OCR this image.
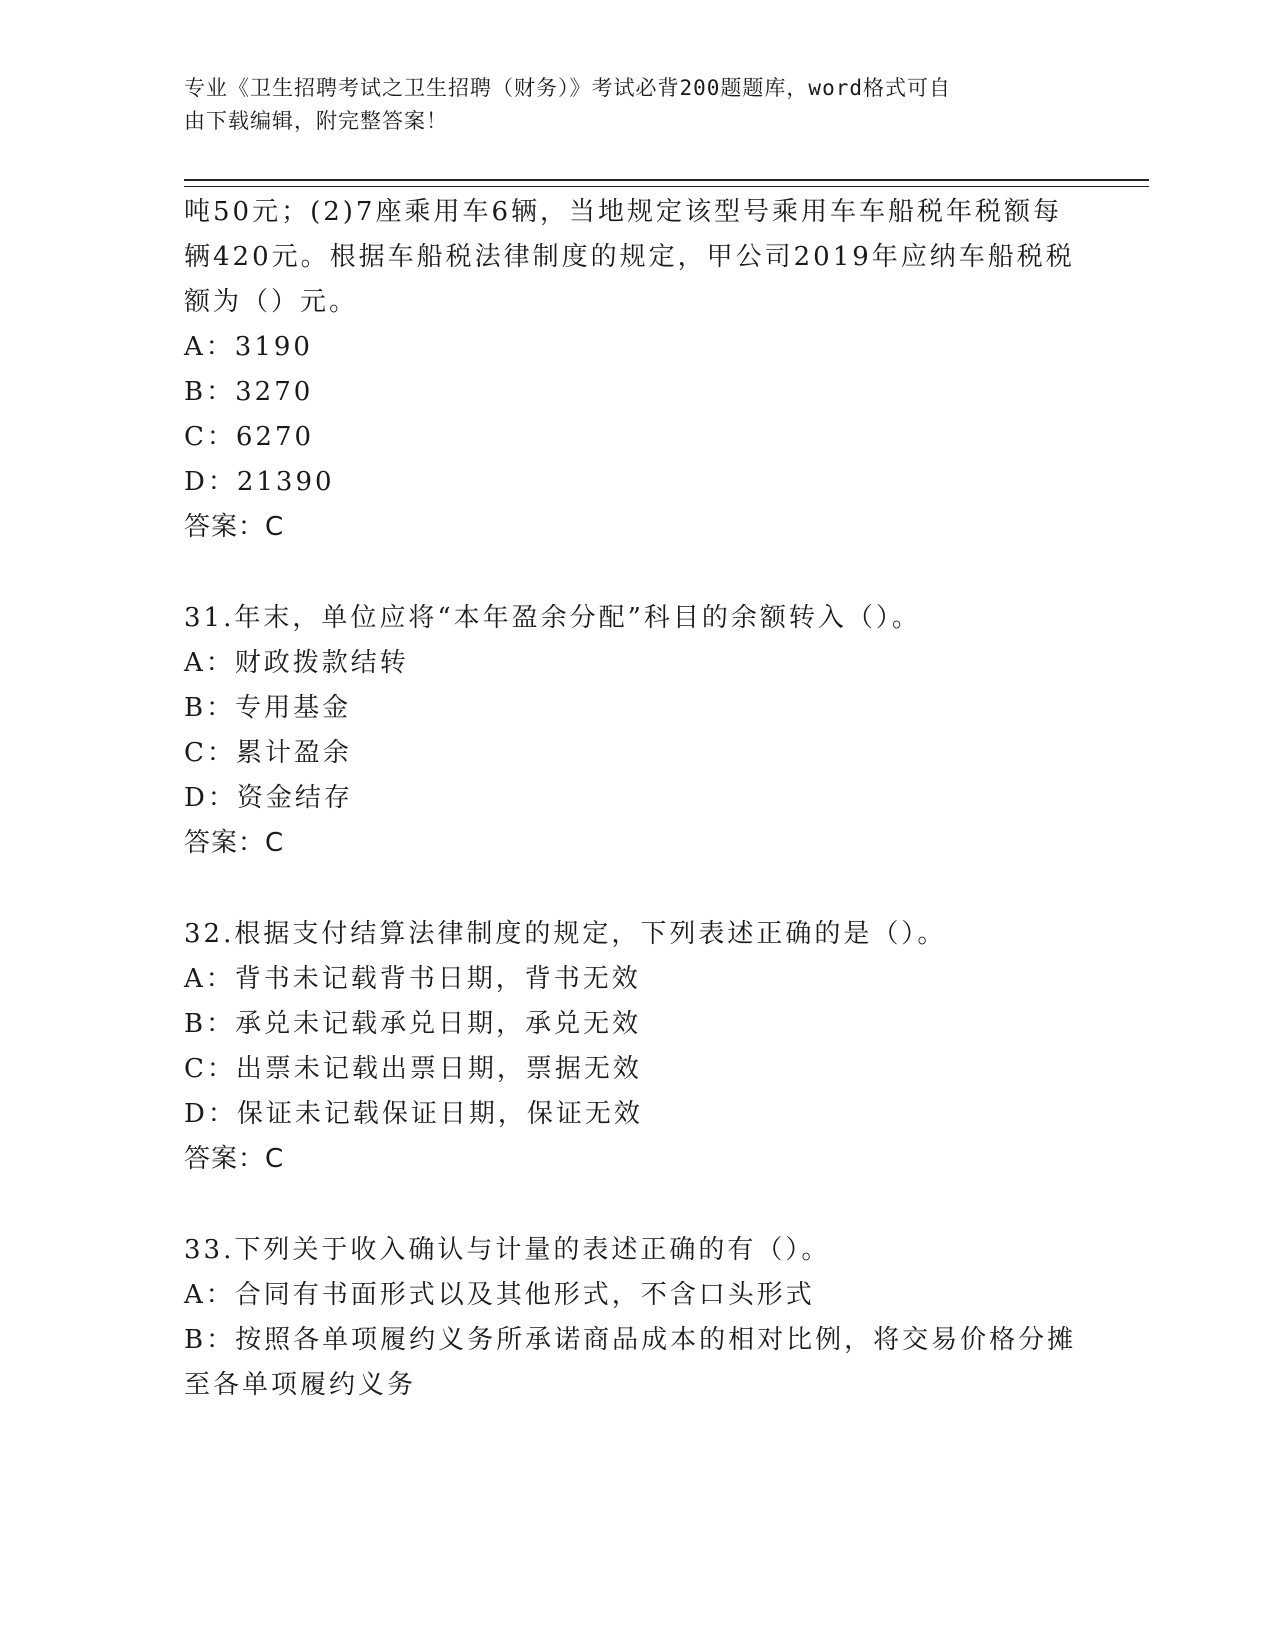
专业《卫生招聘考试之卫生招聘（财务）》考试必背200题题库，word格式可自
由下载编辑，附完整答案！
吨50元；(2)7座乘用车6辆，当地规定该型号乘用车车船税年税额每
辆420元。根据车船税法律制度的规定，甲公司2019年应纳车船税税
额为（）元。
A：3190
B：3270
C：6270
D：21390
答案：C
31.年末，单位应将“本年盈余分配”科目的余额转入（）。
A：财政拨款结转
B：专用基金
C：累计盈余
D：资金结存
答案：C
32.根据支付结算法律制度的规定，下列表述正确的是（）。
A：背书未记载背书日期，背书无效
B：承兑未记载承兑日期，承兑无效
C：出票未记载出票日期，票据无效
D：保证未记载保证日期，保证无效
答案：C
33.下列关于收入确认与计量的表述正确的有（）。
A：合同有书面形式以及其他形式，不含口头形式
B：按照各单项履约义务所承诺商品成本的相对比例，将交易价格分摊
至各单项履约义务
